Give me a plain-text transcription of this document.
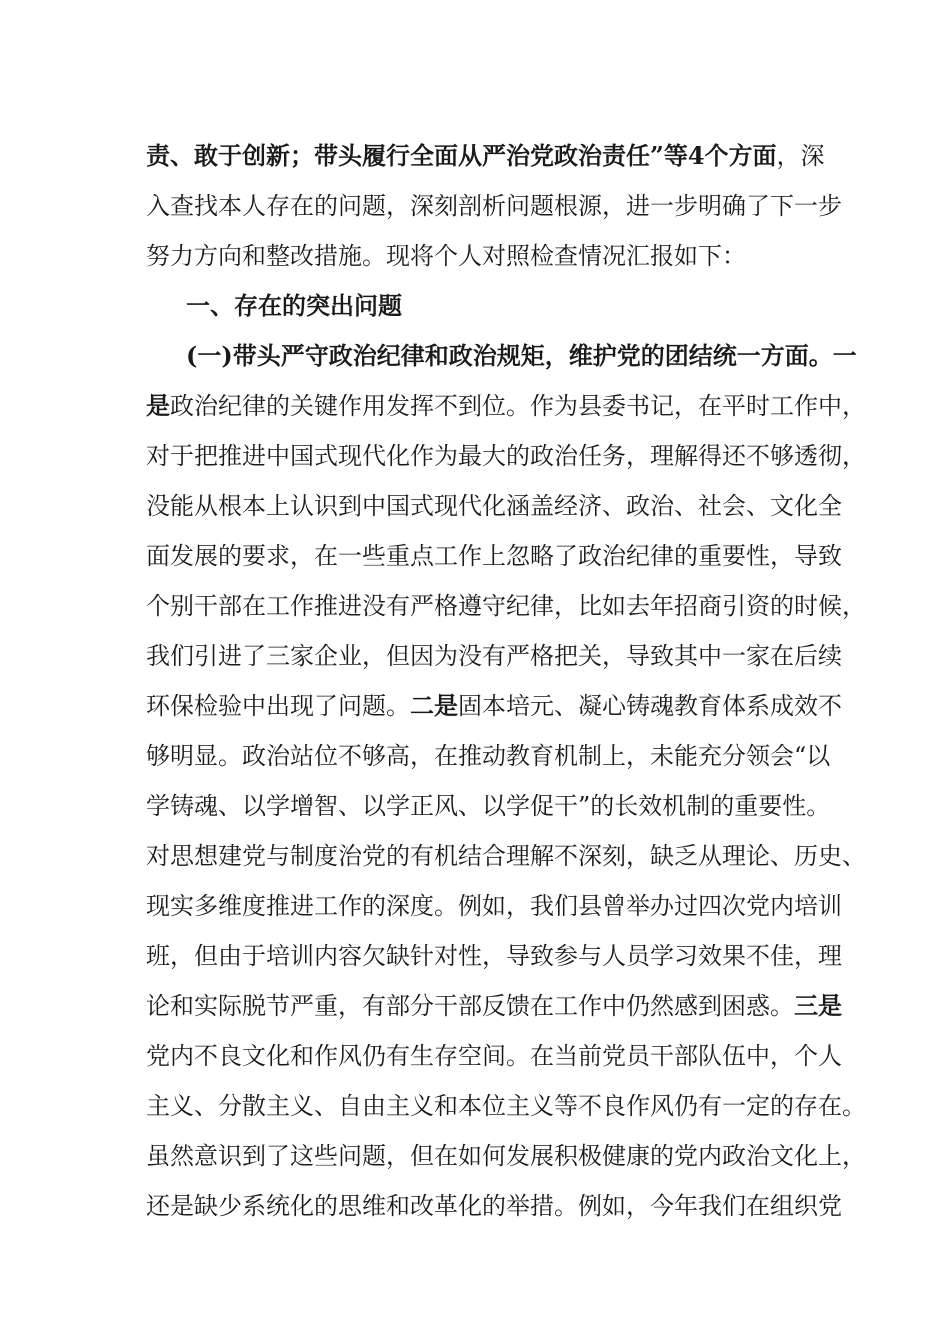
责 、 敢 于 创 新 ； 带 头 履 行 全 面 从 严 治 党 政 治 责 任 ” 等 4 个 方 面 ， 深
入 查 找 本 人 存 在 的 问 题 ， 深 刻 剖 析 问 题 根 源 ， 进 一 步 明 确 了 下 一 步
努 力 方 向 和 整 改 措 施 。 现 将 个 人 对 照 检 查 情 况 汇 报 如 下 ：
一 、 存 在 的 突 出 问 题
( 一 ) 带 头 严 守 政 治 纪 律 和 政 治 规 矩 ， 维 护 党 的 团 结 统 一 方 面 。 一
是 政 治 纪 律 的 关 键 作 用 发 挥 不 到 位 。 作 为 县 委 书 记 ， 在 平 时 工 作 中 ，
对 于 把 推 进 中 国 式 现 代 化 作 为 最 大 的 政 治 任 务 ， 理 解 得 还 不 够 透 彻 ，
没 能 从 根 本 上 认 识 到 中 国 式 现 代 化 涵 盖 经 济 、 政 治 、 社 会 、 文 化 全
面 发 展 的 要 求 ， 在 一 些 重 点 工 作 上 忽 略 了 政 治 纪 律 的 重 要 性 ， 导 致
个 别 干 部 在 工 作 推 进 没 有 严 格 遵 守 纪 律 ， 比 如 去 年 招 商 引 资 的 时 候 ，
我 们 引 进 了 三 家 企 业 ， 但 因 为 没 有 严 格 把 关 ， 导 致 其 中 一 家 在 后 续
环 保 检 验 中 出 现 了 问 题 。 二 是 固 本 培 元 、 凝 心 铸 魂 教 育 体 系 成 效 不
够 明 显 。 政 治 站 位 不 够 高 ， 在 推 动 教 育 机 制 上 ， 未 能 充 分 领 会 “ 以
学 铸 魂 、 以 学 增 智 、 以 学 正 风 、 以 学 促 干 ” 的 长 效 机 制 的 重 要 性 。
对 思 想 建 党 与 制 度 治 党 的 有 机 结 合 理 解 不 深 刻 ， 缺 乏 从 理 论 、 历 史 、
现 实 多 维 度 推 进 工 作 的 深 度 。 例 如 ， 我 们 县 曾 举 办 过 四 次 党 内 培 训
班 ， 但 由 于 培 训 内 容 欠 缺 针 对 性 ， 导 致 参 与 人 员 学 习 效 果 不 佳 ， 理
论 和 实 际 脱 节 严 重 ， 有 部 分 干 部 反 馈 在 工 作 中 仍 然 感 到 困 惑 。 三 是
党 内 不 良 文 化 和 作 风 仍 有 生 存 空 间 。 在 当 前 党 员 干 部 队 伍 中 ， 个 人
主 义 、 分 散 主 义 、 自 由 主 义 和 本 位 主 义 等 不 良 作 风 仍 有 一 定 的 存 在 。
虽 然 意 识 到 了 这 些 问 题 ， 但 在 如 何 发 展 积 极 健 康 的 党 内 政 治 文 化 上 ，
还 是 缺 少 系 统 化 的 思 维 和 改 革 化 的 举 措 。 例 如 ， 今 年 我 们 在 组 织 党
